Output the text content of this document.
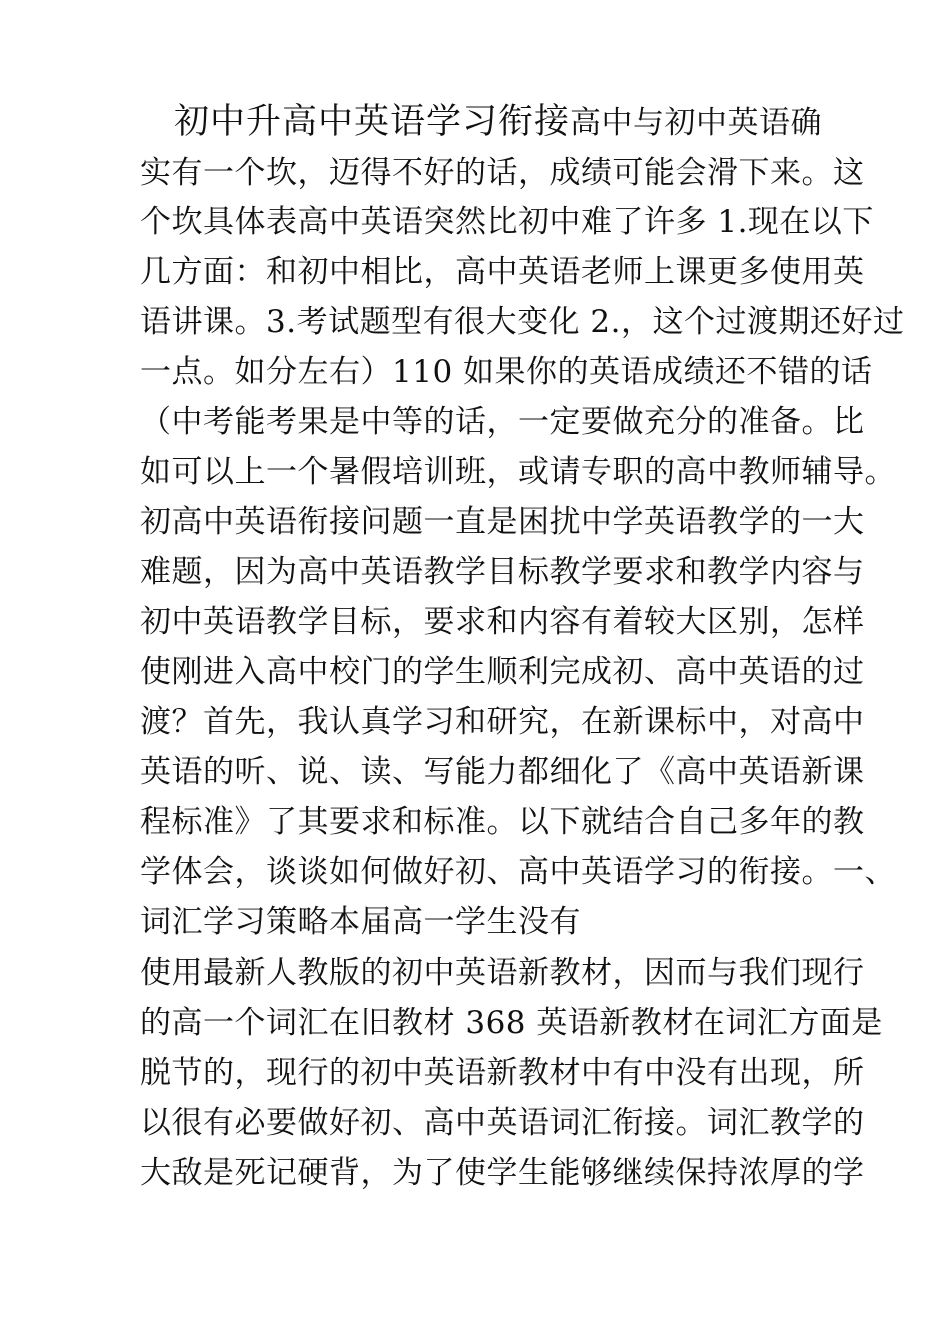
初中升高中英语学习衔接高中与初中英语确
实有一个坎，迈得不好的话，成绩可能会滑下来。这
个坎具体表高中英语突然比初中难了许多 1.现在以下
几方面：和初中相比，高中英语老师上课更多使用英
语讲课。3.考试题型有很大变化 2.，这个过渡期还好过
一点。如分左右）110 如果你的英语成绩还不错的话
（中考能考果是中等的话，一定要做充分的准备。比
如可以上一个暑假培训班，或请专职的高中教师辅导。
初高中英语衔接问题一直是困扰中学英语教学的一大
难题，因为高中英语教学目标教学要求和教学内容与
初中英语教学目标，要求和内容有着较大区别，怎样
使刚进入高中校门的学生顺利完成初、高中英语的过
渡？首先，我认真学习和研究，在新课标中，对高中
英语的听、说、读、写能力都细化了《高中英语新课
程标准》了其要求和标准。以下就结合自己多年的教
学体会，谈谈如何做好初、高中英语学习的衔接。一、
词汇学习策略本届高一学生没有
使用最新人教版的初中英语新教材，因而与我们现行
的高一个词汇在旧教材 368 英语新教材在词汇方面是
脱节的，现行的初中英语新教材中有中没有出现，所
以很有必要做好初、高中英语词汇衔接。词汇教学的
大敌是死记硬背，为了使学生能够继续保持浓厚的学
